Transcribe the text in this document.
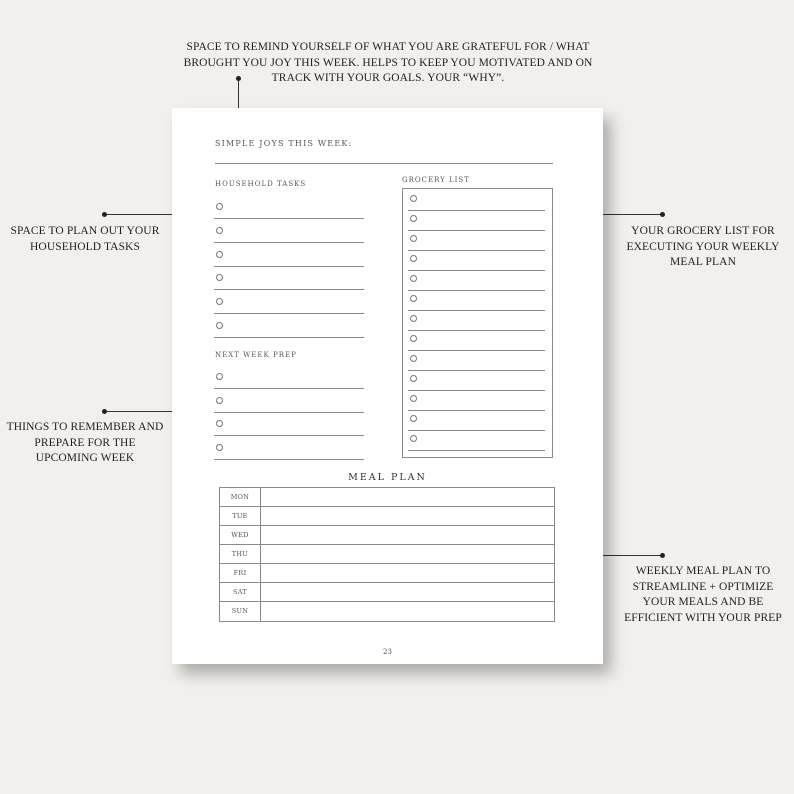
SPACE TO REMIND YOURSELF OF WHAT YOU ARE GRATEFUL FOR / WHAT BROUGHT YOU JOY THIS WEEK. HELPS TO KEEP YOU MOTIVATED AND ON TRACK WITH YOUR GOALS. YOUR “WHY”.
SPACE TO PLAN OUT YOUR HOUSEHOLD TASKS
THINGS TO REMEMBER AND PREPARE FOR THE UPCOMING WEEK
YOUR GROCERY LIST FOR EXECUTING YOUR WEEKLY MEAL PLAN
WEEKLY MEAL PLAN TO STREAMLINE + OPTIMIZE YOUR MEALS AND BE EFFICIENT WITH YOUR PREP
SIMPLE JOYS THIS WEEK:
HOUSEHOLD TASKS
NEXT WEEK PREP
GROCERY LIST
MEAL PLAN
MON
TUE
WED
THU
FRI
SAT
SUN
23
